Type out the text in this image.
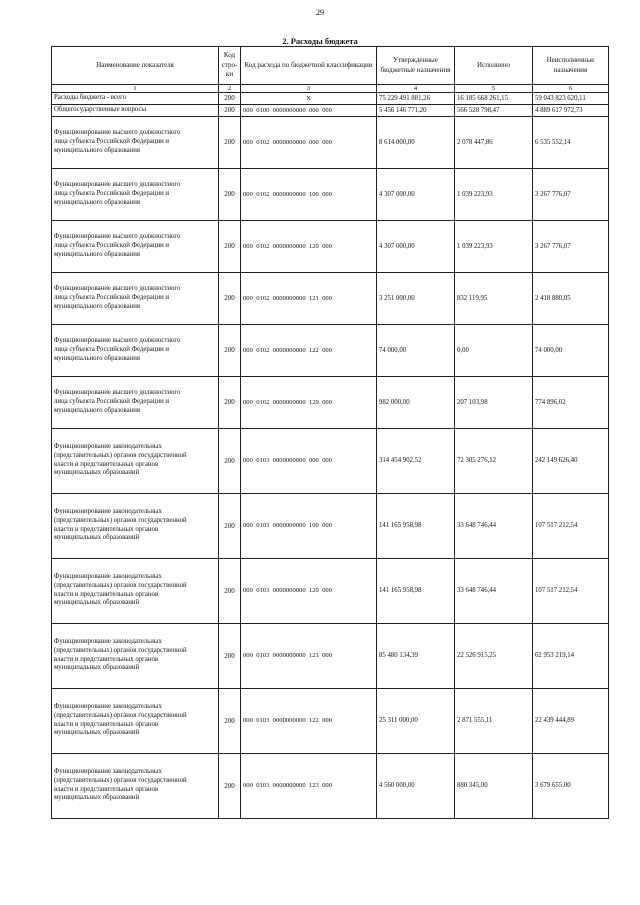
29
2. Расходы бюджета
Наименование показателя	Код стро-ки	Код расхода по бюджетной классификации	Утвержденные бюджетные назначения	Исполнено	Неисполненные назначения
1	2	3	4	5	6
Расходы бюджета - всего	200	X	75 229 491 881,26	16 185 668 261,15	59 043 823 620,11
Общегосударственные вопросы	200	000  0100  0000000000  000  000	5 456 146 771,20	566 528 798,47	4 889 617 972,73
Функционирование высшего должностного
лица субъекта Российской Федерации и
муниципального образования	200	000  0102  0000000000  000  000	8 614 000,00	2 078 447,86	6 535 552,14
Функционирование высшего должностного
лица субъекта Российской Федерации и
муниципального образования	200	000  0102  0000000000  100  000	4 307 000,00	1 039 223,93	3 267 776,07
Функционирование высшего должностного
лица субъекта Российской Федерации и
муниципального образования	200	000  0102  0000000000  120  000	4 307 000,00	1 039 223,93	3 267 776,07
Функционирование высшего должностного
лица субъекта Российской Федерации и
муниципального образования	200	000  0102  0000000000  121  000	3 251 000,00	832 119,95	2 418 880,05
Функционирование высшего должностного
лица субъекта Российской Федерации и
муниципального образования	200	000  0102  0000000000  122  000	74 000,00	0,00	74 000,00
Функционирование высшего должностного
лица субъекта Российской Федерации и
муниципального образования	200	000  0102  0000000000  129  000	982 000,00	207 103,98	774 896,02
Функционирование законодательных
(представительных) органов государственной
власти и представительных органов
муниципальных образований	200	000  0103  0000000000  000  000	314 454 902,52	72 305 276,12	242 149 626,40
Функционирование законодательных
(представительных) органов государственной
власти и представительных органов
муниципальных образований	200	000  0103  0000000000  100  000	141 165 958,98	33 648 746,44	107 517 212,54
Функционирование законодательных
(представительных) органов государственной
власти и представительных органов
муниципальных образований	200	000  0103  0000000000  120  000	141 165 958,98	33 648 746,44	107 517 212,54
Функционирование законодательных
(представительных) органов государственной
власти и представительных органов
муниципальных образований	200	000  0103  0000000000  121  000	85 480 134,39	22 526 915,25	62 953 219,14
Функционирование законодательных
(представительных) органов государственной
власти и представительных органов
муниципальных образований	200	000  0103  0000000000  122  000	25 311 000,00	2 871 555,11	22 439 444,89
Функционирование законодательных
(представительных) органов государственной
власти и представительных органов
муниципальных образований	200	000  0103  0000000000  123  000	4 560 000,00	880 345,00	3 679 655,00
